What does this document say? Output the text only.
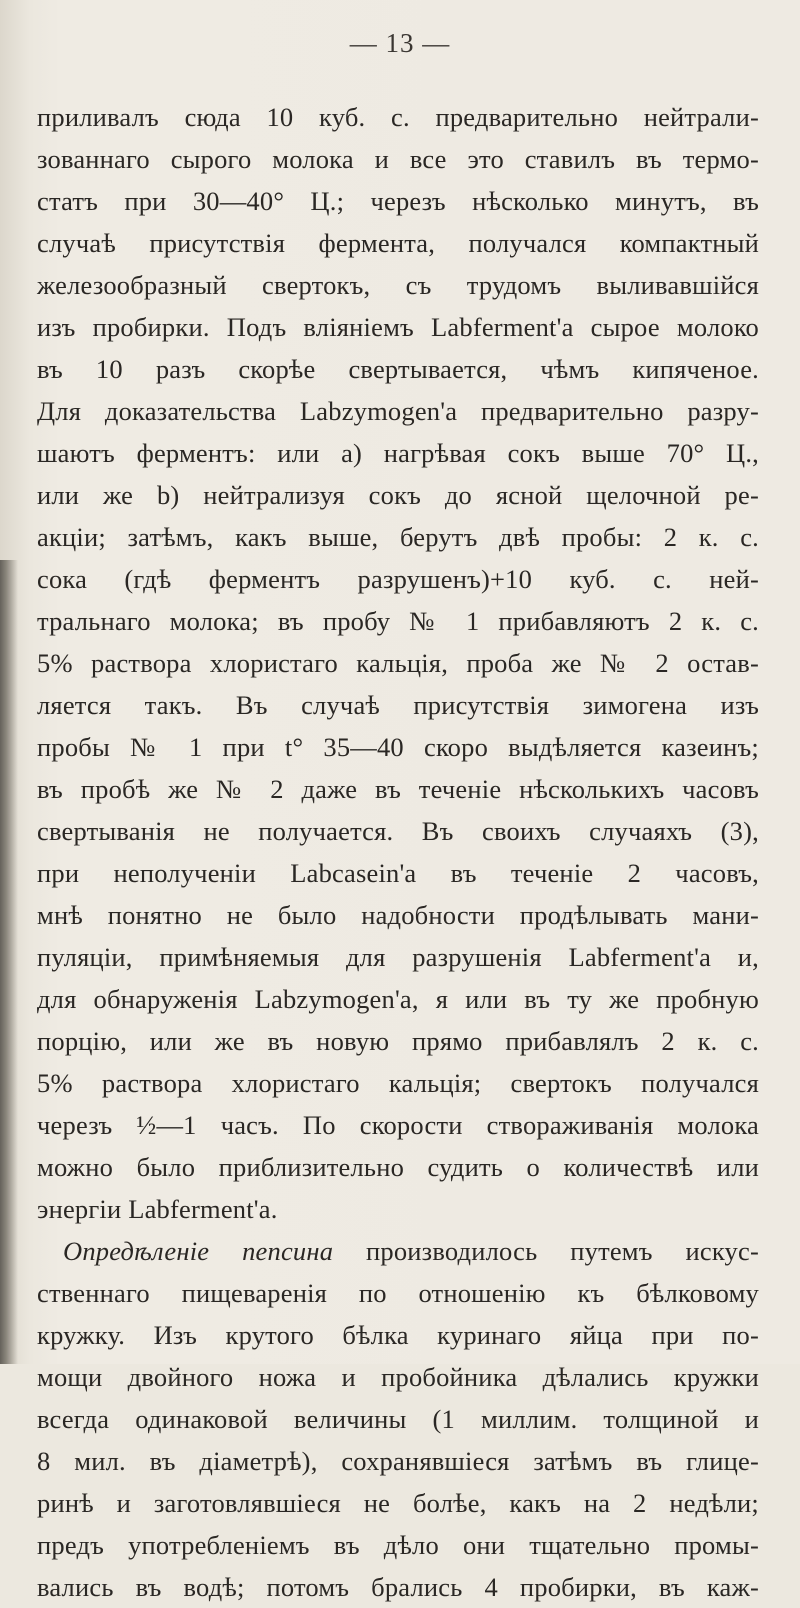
— 13 —
приливалъ сюда 10 куб. с. предварительно нейтрали-
зованнаго сырого молока и все это ставилъ въ термо-
статъ при 30—40° Ц.; черезъ нѣсколько минутъ, въ
случаѣ присутствія фермента, получался компактный
железообразный свертокъ, съ трудомъ выливавшійся
изъ пробирки. Подъ вліяніемъ Labferment'а сырое молоко
въ 10 разъ скорѣе свертывается, чѣмъ кипяченое.
Для доказательства Labzymogen'а предварительно разру-
шаютъ ферментъ: или а) нагрѣвая сокъ выше 70° Ц.,
или же b) нейтрализуя сокъ до ясной щелочной ре-
акціи; затѣмъ, какъ выше, берутъ двѣ пробы: 2 к. с.
сока (гдѣ ферментъ разрушенъ)+10 куб. с. ней-
тральнаго молока; въ пробу № 1 прибавляютъ 2 к. с.
5% раствора хлористаго кальція, проба же № 2 остав-
ляется такъ. Въ случаѣ присутствія зимогена изъ
пробы № 1 при t° 35—40 скоро выдѣляется казеинъ;
въ пробѣ же № 2 даже въ теченіе нѣсколькихъ часовъ
свертыванія не получается. Въ своихъ случаяхъ (3),
при неполученіи Labcasein'а въ теченіе 2 часовъ,
мнѣ понятно не было надобности продѣлывать мани-
пуляціи, примѣняемыя для разрушенія Labferment'а и,
для обнаруженія Labzymogen'а, я или въ ту же пробную
порцію, или же въ новую прямо прибавлялъ 2 к. с.
5% раствора хлористаго кальція; свертокъ получался
черезъ ½—1 часъ. По скорости створаживанія молока
можно было приблизительно судить о количествѣ или
энергіи Labferment'а.
Опредѣленіе пепсина производилось путемъ искус-
ственнаго пищеваренія по отношенію къ бѣлковому
кружку. Изъ крутого бѣлка куринаго яйца при по-
мощи двойного ножа и пробойника дѣлались кружки
всегда одинаковой величины (1 миллим. толщиной и
8 мил. въ діаметрѣ), сохранявшіеся затѣмъ въ глице-
ринѣ и заготовлявшіеся не болѣе, какъ на 2 недѣли;
предъ употребленіемъ въ дѣло они тщательно промы-
вались въ водѣ; потомъ брались 4 пробирки, въ каж-
